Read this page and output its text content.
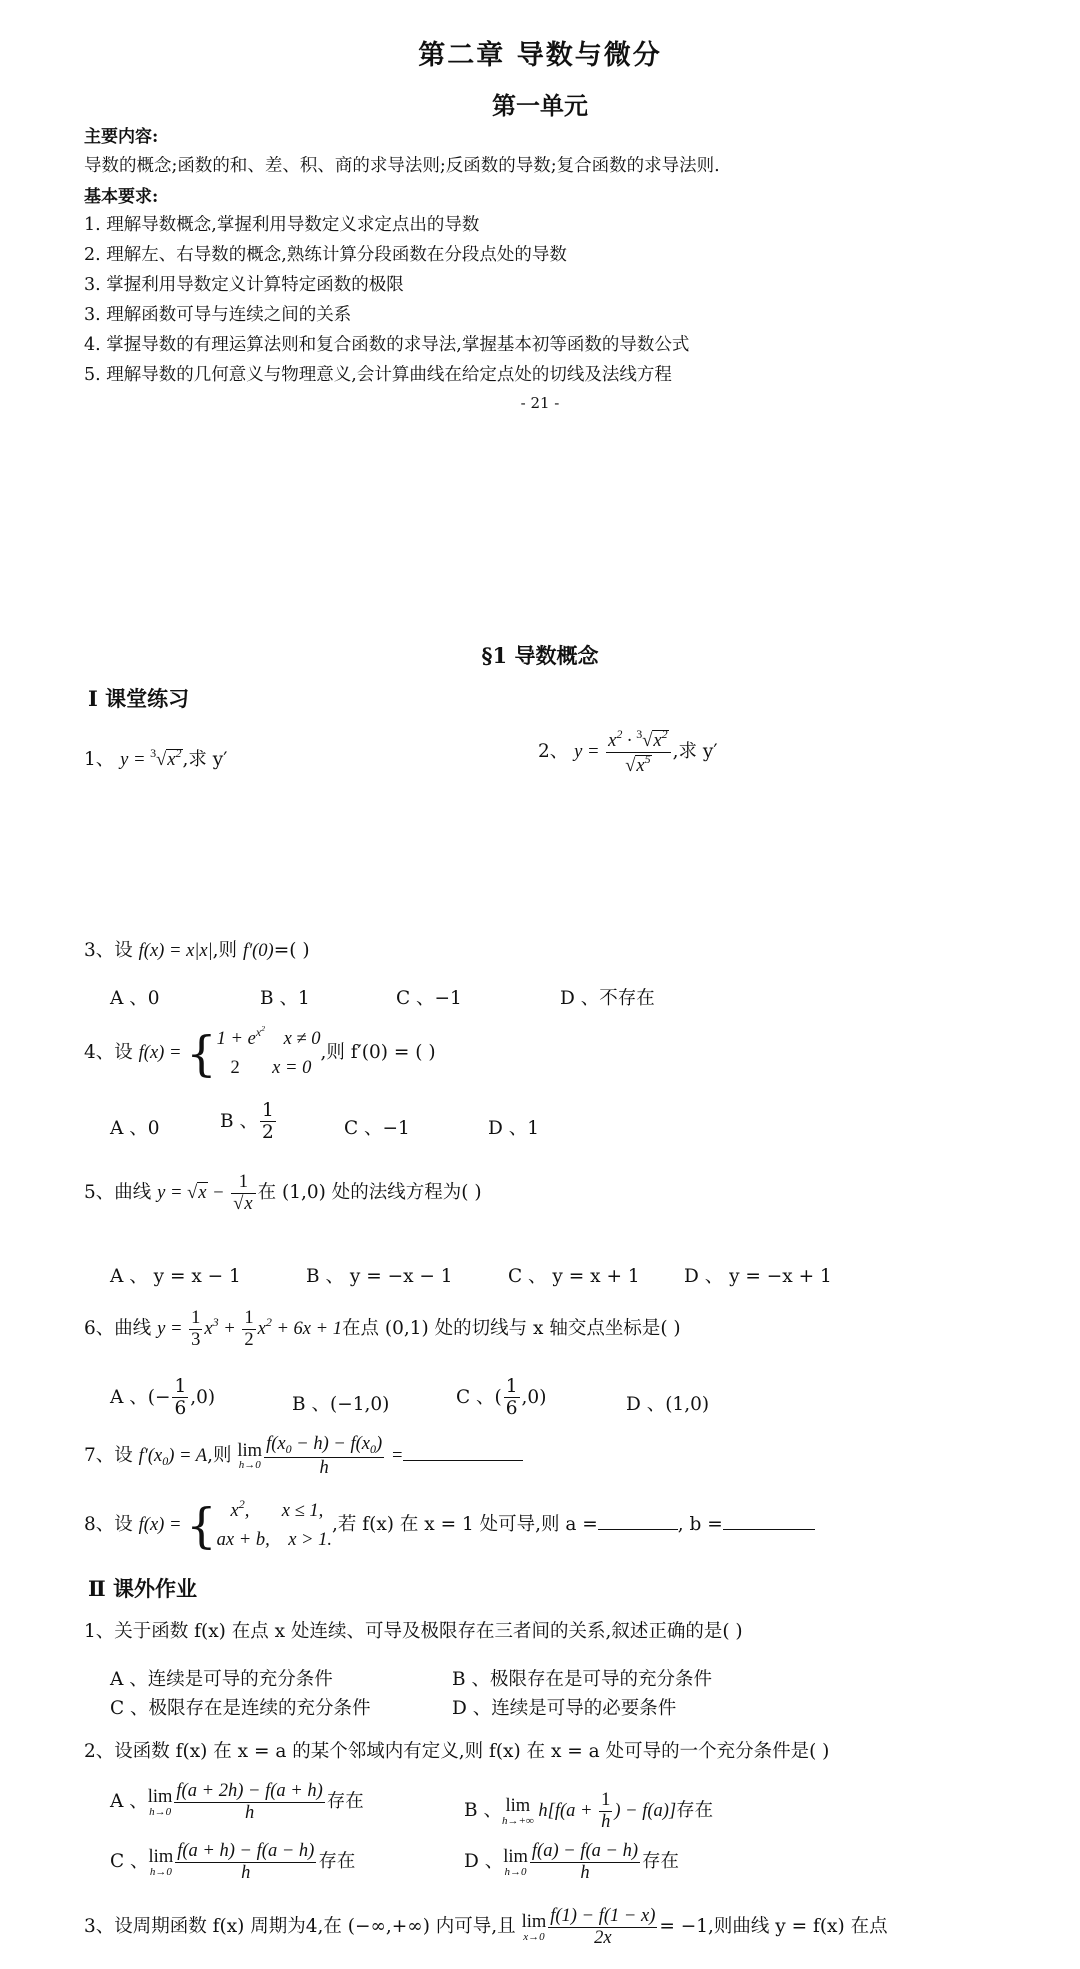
第二章 导数与微分
第一单元
主要内容:
导数的概念;函数的和、差、积、商的求导法则;反函数的导数;复合函数的求导法则.
基本要求:
1. 理解导数概念,掌握利用导数定义求定点出的导数
2. 理解左、右导数的概念,熟练计算分段函数在分段点处的导数
3. 掌握利用导数定义计算特定函数的极限
3. 理解函数可导与连续之间的关系
4. 掌握导数的有理运算法则和复合函数的求导法,掌握基本初等函数的导数公式
5. 理解导数的几何意义与物理意义,会计算曲线在给定点处的切线及法线方程
- 21 -
§1 导数概念
Ⅰ 课堂练习
1、 $y = ^3√x^2$,求 y′	2、 $y = \frac{x^2 \cdot ^3√x^2}{√x^5}$ ,求 y′
3、设 f(x) = x|x|,则 f′(0)=( )
A 、0	B 、1	C 、−1	D 、不存在
4、设 $f(x) = \{1 + e^{x^2}$    x ≠ 0
2       x = 0,则 f′(0) = ( )
A 、0	B 、 $\frac{1}{2}$	C 、−1	D 、1
5、曲线 $y = √x - \frac{1}{√x}$ 在 (1,0) 处的法线方程为( )
A 、 y = x − 1	B 、 y = −x − 1	C 、 y = x + 1 D 、 y = −x + 1
6、曲线 $y = \frac{1}{3} x^3 + \frac{1}{2} x^2 + 6x + 1$在点 (0,1) 处的切线与 x 轴交点坐标是( )
A 、(− $\frac{1}{6} ,0$)	B 、(−1,0)	C 、( $\frac{1}{6} ,0$)	D 、(1,0)
7、设 $f'(x_0) = A$,则 lim
$h\to 0 \frac{f(x_0 - h) - f(x_0)}{h}$ =
8、设 f(x) = {   $x^2$,       x ≤ 1,
ax + b,    x > 1.,若 f(x) 在 x = 1 处可导,则 a =	, b =
Ⅱ 课外作业
1、关于函数 f(x) 在点 x 处连续、可导及极限存在三者间的关系,叙述正确的是( )
A 、连续是可导的充分条件	B 、极限存在是可导的充分条件
C 、极限存在是连续的充分条件	D 、连续是可导的必要条件
2、设函数 f(x) 在 x = a 的某个邻域内有定义,则 f(x) 在 x = a 处可导的一个充分条件是( )
A 、 lim
$h\to 0 \frac{f(a + 2h) - f(a + h)}{h}$ 存在	B 、 lim
h→+∞ $h[f(a + \frac{1}{h}$ ) − f(a)]存在
C 、 lim
$h\to 0 \frac{f(a + h) - f(a - h)}{h}$ 存在	D 、 lim
$h\to 0 \frac{f(a) - f(a - h)}{h}$ 存在
3、设周期函数 f(x) 周期为4,在 (−∞,+∞) 内可导,且 lim
$x\to 0 \frac{f(1) - f(1 - x)}{2x} = -1$,则曲线 y = f(x) 在点
